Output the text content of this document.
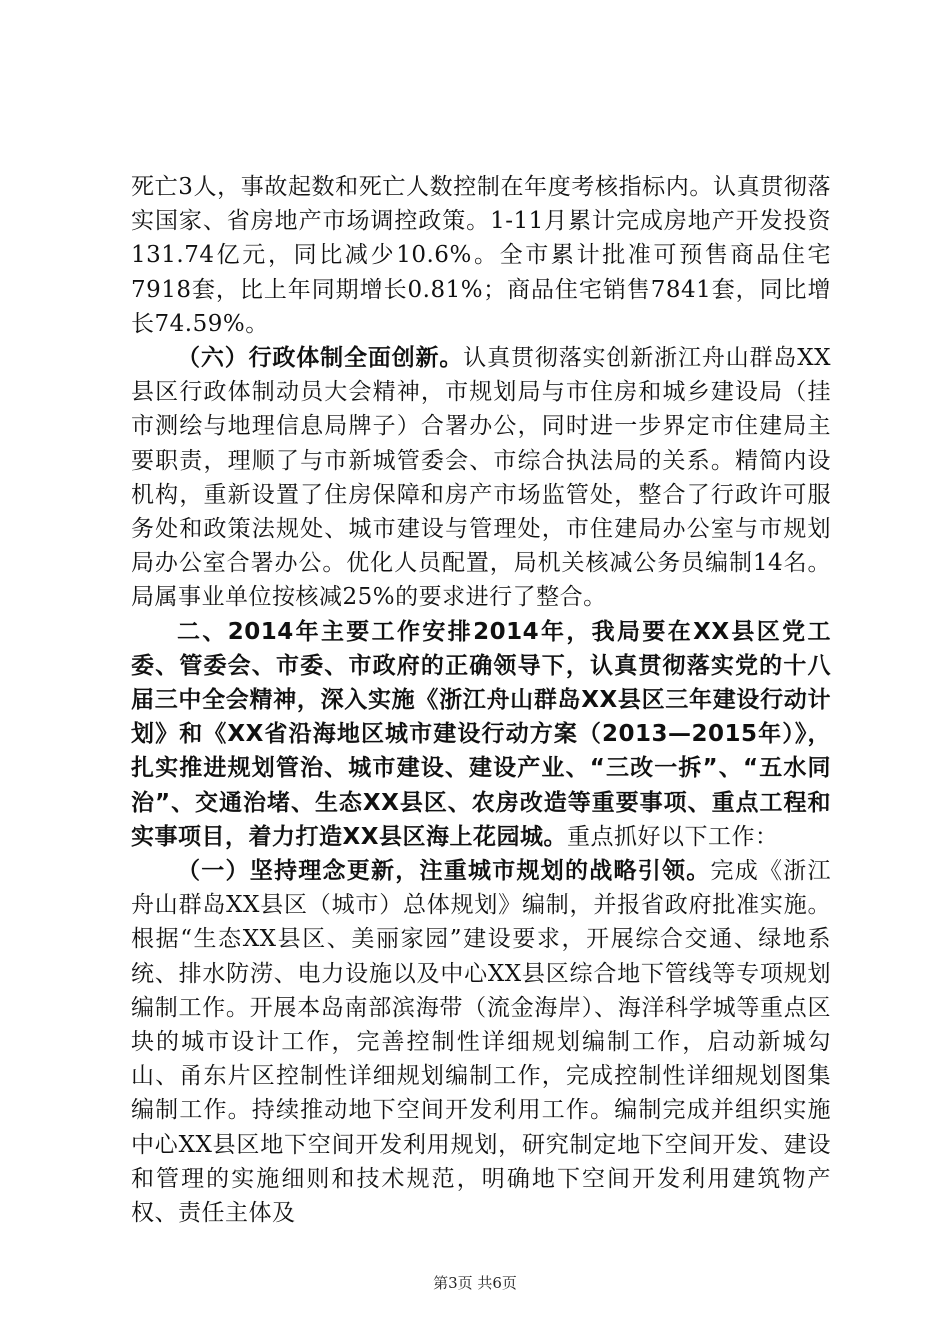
死亡3人，事故起数和死亡人数控制在年度考核指标内。认真贯彻落实国家、省房地产市场调控政策。1-11月累计完成房地产开发投资131.74亿元，同比减少10.6%。全市累计批准可预售商品住宅7918套，比上年同期增长0.81%；商品住宅销售7841套，同比增长74.59%。

（六）行政体制全面创新。认真贯彻落实创新浙江舟山群岛XX县区行政体制动员大会精神，市规划局与市住房和城乡建设局（挂市测绘与地理信息局牌子）合署办公，同时进一步界定市住建局主要职责，理顺了与市新城管委会、市综合执法局的关系。精简内设机构，重新设置了住房保障和房产市场监管处，整合了行政许可服务处和政策法规处、城市建设与管理处，市住建局办公室与市规划局办公室合署办公。优化人员配置，局机关核减公务员编制14名。局属事业单位按核减25%的要求进行了整合。

二、2014年主要工作安排2014年，我局要在XX县区党工委、管委会、市委、市政府的正确领导下，认真贯彻落实党的十八届三中全会精神，深入实施《浙江舟山群岛XX县区三年建设行动计划》和《XX省沿海地区城市建设行动方案（2013—2015年）》，扎实推进规划管治、城市建设、建设产业、“三改一拆”、“五水同治”、交通治堵、生态XX县区、农房改造等重要事项、重点工程和实事项目，着力打造XX县区海上花园城。重点抓好以下工作：

（一）坚持理念更新，注重城市规划的战略引领。完成《浙江舟山群岛XX县区（城市）总体规划》编制，并报省政府批准实施。根据“生态XX县区、美丽家园”建设要求，开展综合交通、绿地系统、排水防涝、电力设施以及中心XX县区综合地下管线等专项规划编制工作。开展本岛南部滨海带（流金海岸）、海洋科学城等重点区块的城市设计工作，完善控制性详细规划编制工作，启动新城勾山、甬东片区控制性详细规划编制工作，完成控制性详细规划图集编制工作。持续推动地下空间开发利用工作。编制完成并组织实施中心XX县区地下空间开发利用规划，研究制定地下空间开发、建设和管理的实施细则和技术规范，明确地下空间开发利用建筑物产权、责任主体及

第3页 共6页
